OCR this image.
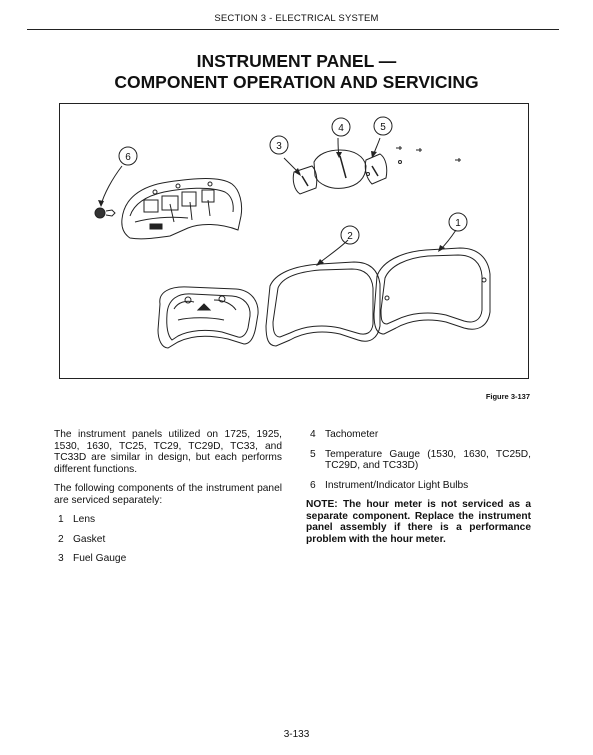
SECTION 3 - ELECTRICAL SYSTEM
INSTRUMENT PANEL —
COMPONENT OPERATION AND SERVICING
6
3
4	5
2
1
Figure 3-137

The instrument panels utilized on 1725, 1925, 1530, 1630, TC25, TC29, TC29D, TC33, and TC33D are similar in design, but each performs different functions.

The following components of the instrument panel are serviced separately:

1 Lens
2 Gasket
3 Fuel Gauge
4 Tachometer
5 Temperature Gauge (1530, 1630, TC25D, TC29D, and TC33D)
6 Instrument/Indicator Light Bulbs

NOTE: The hour meter is not serviced as a separate component. Replace the instrument panel assembly if there is a performance problem with the hour meter.

3-133
